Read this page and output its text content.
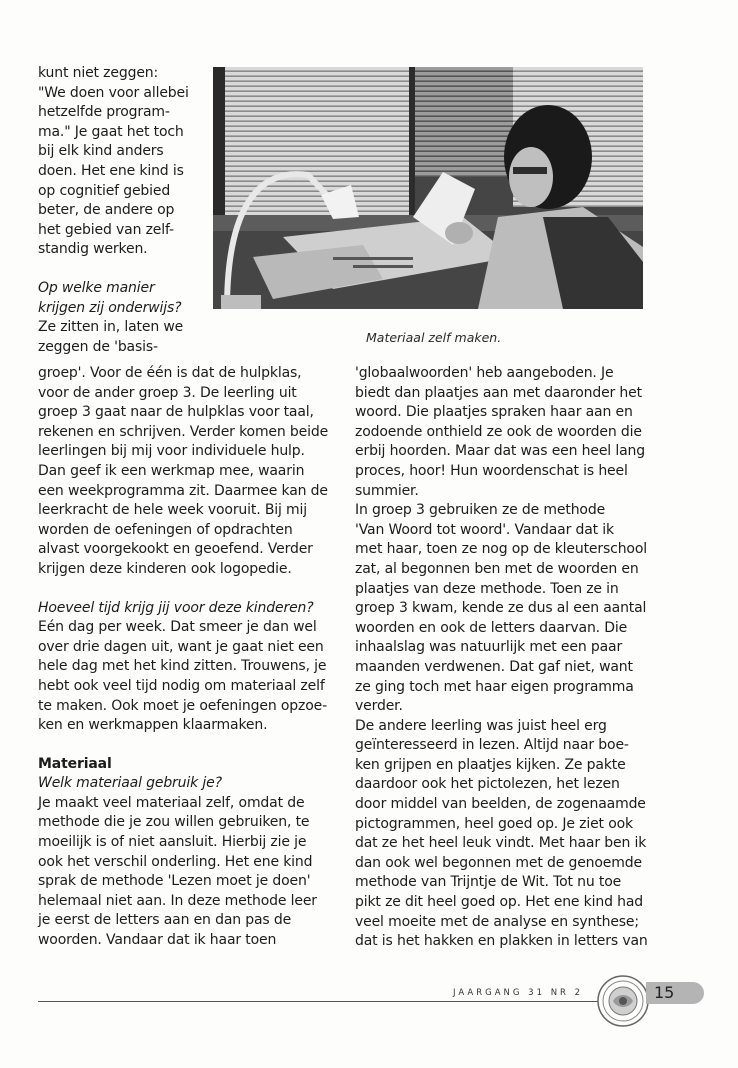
kunt niet zeggen:
"We doen voor allebei
hetzelfde program-
ma." Je gaat het toch
bij elk kind anders
doen. Het ene kind is
op cognitief gebied
beter, de andere op
het gebied van zelf-
standig werken.

Op welke manier
krijgen zij onderwijs?

Ze zitten in, laten we
zeggen de 'basis-

Materiaal zelf maken.

groep'. Voor de één is dat de hulpklas,
voor de ander groep 3. De leerling uit
groep 3 gaat naar de hulpklas voor taal,
rekenen en schrijven. Verder komen beide
leerlingen bij mij voor individuele hulp.
Dan geef ik een werkmap mee, waarin
een weekprogramma zit. Daarmee kan de
leerkracht de hele week vooruit. Bij mij
worden de oefeningen of opdrachten
alvast voorgekookt en geoefend. Verder
krijgen deze kinderen ook logopedie.

Hoeveel tijd krijg jij voor deze kinderen?

Eén dag per week. Dat smeer je dan wel
over drie dagen uit, want je gaat niet een
hele dag met het kind zitten. Trouwens, je
hebt ook veel tijd nodig om materiaal zelf
te maken. Ook moet je oefeningen opzoe-
ken en werkmappen klaarmaken.

Materiaal

Welk materiaal gebruik je?

Je maakt veel materiaal zelf, omdat de
methode die je zou willen gebruiken, te
moeilijk is of niet aansluit. Hierbij zie je
ook het verschil onderling. Het ene kind
sprak de methode 'Lezen moet je doen'
helemaal niet aan. In deze methode leer
je eerst de letters aan en dan pas de
woorden. Vandaar dat ik haar toen

'globaalwoorden' heb aangeboden. Je
biedt dan plaatjes aan met daaronder het
woord. Die plaatjes spraken haar aan en
zodoende onthield ze ook de woorden die
erbij hoorden. Maar dat was een heel lang
proces, hoor! Hun woordenschat is heel
summier.
In groep 3 gebruiken ze de methode
'Van Woord tot woord'. Vandaar dat ik
met haar, toen ze nog op de kleuterschool
zat, al begonnen ben met de woorden en
plaatjes van deze methode. Toen ze in
groep 3 kwam, kende ze dus al een aantal
woorden en ook de letters daarvan. Die
inhaalslag was natuurlijk met een paar
maanden verdwenen. Dat gaf niet, want
ze ging toch met haar eigen programma
verder.
De andere leerling was juist heel erg
geïnteresseerd in lezen. Altijd naar boe-
ken grijpen en plaatjes kijken. Ze pakte
daardoor ook het pictolezen, het lezen
door middel van beelden, de zogenaamde
pictogrammen, heel goed op. Je ziet ook
dat ze het heel leuk vindt. Met haar ben ik
dan ook wel begonnen met de genoemde
methode van Trijntje de Wit. Tot nu toe
pikt ze dit heel goed op. Het ene kind had
veel moeite met de analyse en synthese;
dat is het hakken en plakken in letters van

JAARGANG 31 NR 2	15
